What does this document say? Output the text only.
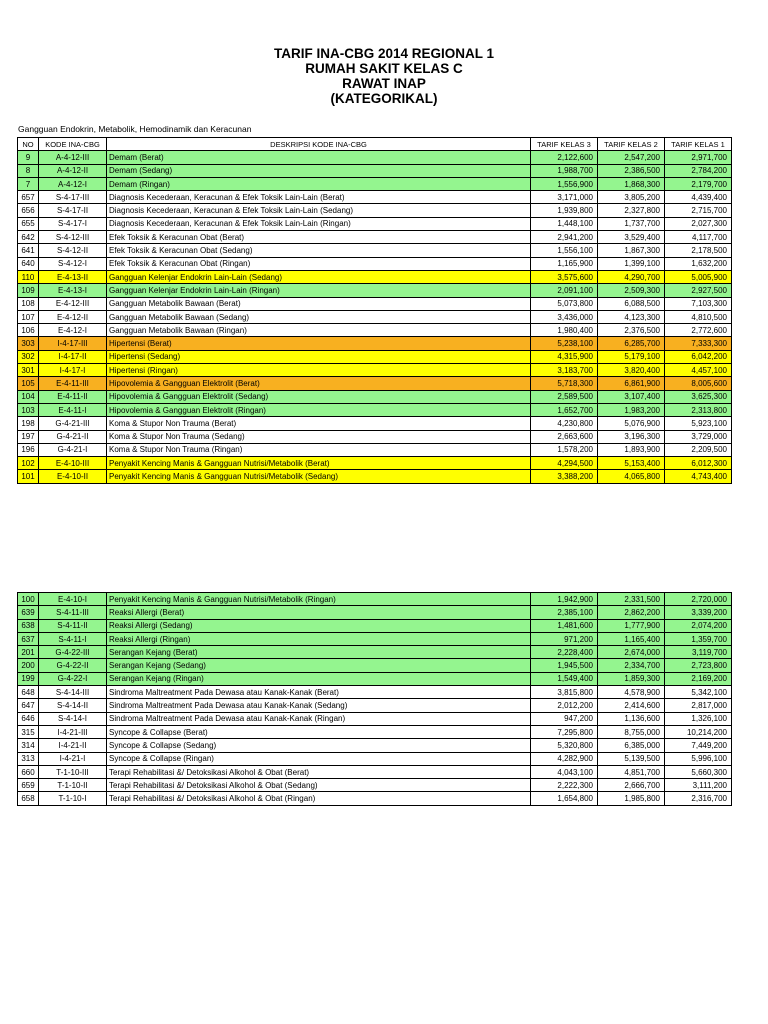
TARIF INA-CBG 2014 REGIONAL 1
RUMAH SAKIT KELAS C
RAWAT INAP
(KATEGORIKAL)
Gangguan Endokrin, Metabolik, Hemodinamik dan Keracunan
NO	KODE INA-CBG	DESKRIPSI KODE INA-CBG	TARIF KELAS 3	TARIF KELAS 2	TARIF KELAS 1
9	A-4-12-III	Demam (Berat)	2,122,600	2,547,200	2,971,700
8	A-4-12-II	Demam (Sedang)	1,988,700	2,386,500	2,784,200
7	A-4-12-I	Demam (Ringan)	1,556,900	1,868,300	2,179,700
657	S-4-17-III	Diagnosis Kecederaan, Keracunan & Efek Toksik Lain-Lain (Berat)	3,171,000	3,805,200	4,439,400
656	S-4-17-II	Diagnosis Kecederaan, Keracunan & Efek Toksik Lain-Lain (Sedang)	1,939,800	2,327,800	2,715,700
655	S-4-17-I	Diagnosis Kecederaan, Keracunan & Efek Toksik Lain-Lain (Ringan)	1,448,100	1,737,700	2,027,300
642	S-4-12-III	Efek Toksik & Keracunan Obat (Berat)	2,941,200	3,529,400	4,117,700
641	S-4-12-II	Efek Toksik & Keracunan Obat (Sedang)	1,556,100	1,867,300	2,178,500
640	S-4-12-I	Efek Toksik & Keracunan Obat (Ringan)	1,165,900	1,399,100	1,632,200
110	E-4-13-II	Gangguan Kelenjar Endokrin Lain-Lain (Sedang)	3,575,600	4,290,700	5,005,900
109	E-4-13-I	Gangguan Kelenjar Endokrin Lain-Lain (Ringan)	2,091,100	2,509,300	2,927,500
108	E-4-12-III	Gangguan Metabolik Bawaan (Berat)	5,073,800	6,088,500	7,103,300
107	E-4-12-II	Gangguan Metabolik Bawaan (Sedang)	3,436,000	4,123,300	4,810,500
106	E-4-12-I	Gangguan Metabolik Bawaan (Ringan)	1,980,400	2,376,500	2,772,600
303	I-4-17-III	Hipertensi (Berat)	5,238,100	6,285,700	7,333,300
302	I-4-17-II	Hipertensi (Sedang)	4,315,900	5,179,100	6,042,200
301	I-4-17-I	Hipertensi (Ringan)	3,183,700	3,820,400	4,457,100
105	E-4-11-III	Hipovolemia & Gangguan Elektrolit (Berat)	5,718,300	6,861,900	8,005,600
104	E-4-11-II	Hipovolemia & Gangguan Elektrolit (Sedang)	2,589,500	3,107,400	3,625,300
103	E-4-11-I	Hipovolemia & Gangguan Elektrolit (Ringan)	1,652,700	1,983,200	2,313,800
198	G-4-21-III	Koma & Stupor Non Trauma (Berat)	4,230,800	5,076,900	5,923,100
197	G-4-21-II	Koma & Stupor Non Trauma (Sedang)	2,663,600	3,196,300	3,729,000
196	G-4-21-I	Koma & Stupor Non Trauma (Ringan)	1,578,200	1,893,900	2,209,500
102	E-4-10-III	Penyakit Kencing Manis & Gangguan Nutrisi/Metabolik (Berat)	4,294,500	5,153,400	6,012,300
101	E-4-10-II	Penyakit Kencing Manis & Gangguan Nutrisi/Metabolik (Sedang)	3,388,200	4,065,800	4,743,400
100	E-4-10-I	Penyakit Kencing Manis & Gangguan Nutrisi/Metabolik (Ringan)	1,942,900	2,331,500	2,720,000
639	S-4-11-III	Reaksi Allergi (Berat)	2,385,100	2,862,200	3,339,200
638	S-4-11-II	Reaksi Allergi (Sedang)	1,481,600	1,777,900	2,074,200
637	S-4-11-I	Reaksi Allergi (Ringan)	971,200	1,165,400	1,359,700
201	G-4-22-III	Serangan Kejang (Berat)	2,228,400	2,674,000	3,119,700
200	G-4-22-II	Serangan Kejang (Sedang)	1,945,500	2,334,700	2,723,800
199	G-4-22-I	Serangan Kejang (Ringan)	1,549,400	1,859,300	2,169,200
648	S-4-14-III	Sindroma Maltreatment Pada Dewasa atau Kanak-Kanak (Berat)	3,815,800	4,578,900	5,342,100
647	S-4-14-II	Sindroma Maltreatment Pada Dewasa atau Kanak-Kanak (Sedang)	2,012,200	2,414,600	2,817,000
646	S-4-14-I	Sindroma Maltreatment Pada Dewasa atau Kanak-Kanak (Ringan)	947,200	1,136,600	1,326,100
315	I-4-21-III	Syncope & Collapse (Berat)	7,295,800	8,755,000	10,214,200
314	I-4-21-II	Syncope & Collapse (Sedang)	5,320,800	6,385,000	7,449,200
313	I-4-21-I	Syncope & Collapse (Ringan)	4,282,900	5,139,500	5,996,100
660	T-1-10-III	Terapi Rehabilitasi &/ Detoksikasi Alkohol & Obat (Berat)	4,043,100	4,851,700	5,660,300
659	T-1-10-II	Terapi Rehabilitasi &/ Detoksikasi Alkohol & Obat (Sedang)	2,222,300	2,666,700	3,111,200
658	T-1-10-I	Terapi Rehabilitasi &/ Detoksikasi Alkohol & Obat (Ringan)	1,654,800	1,985,800	2,316,700
